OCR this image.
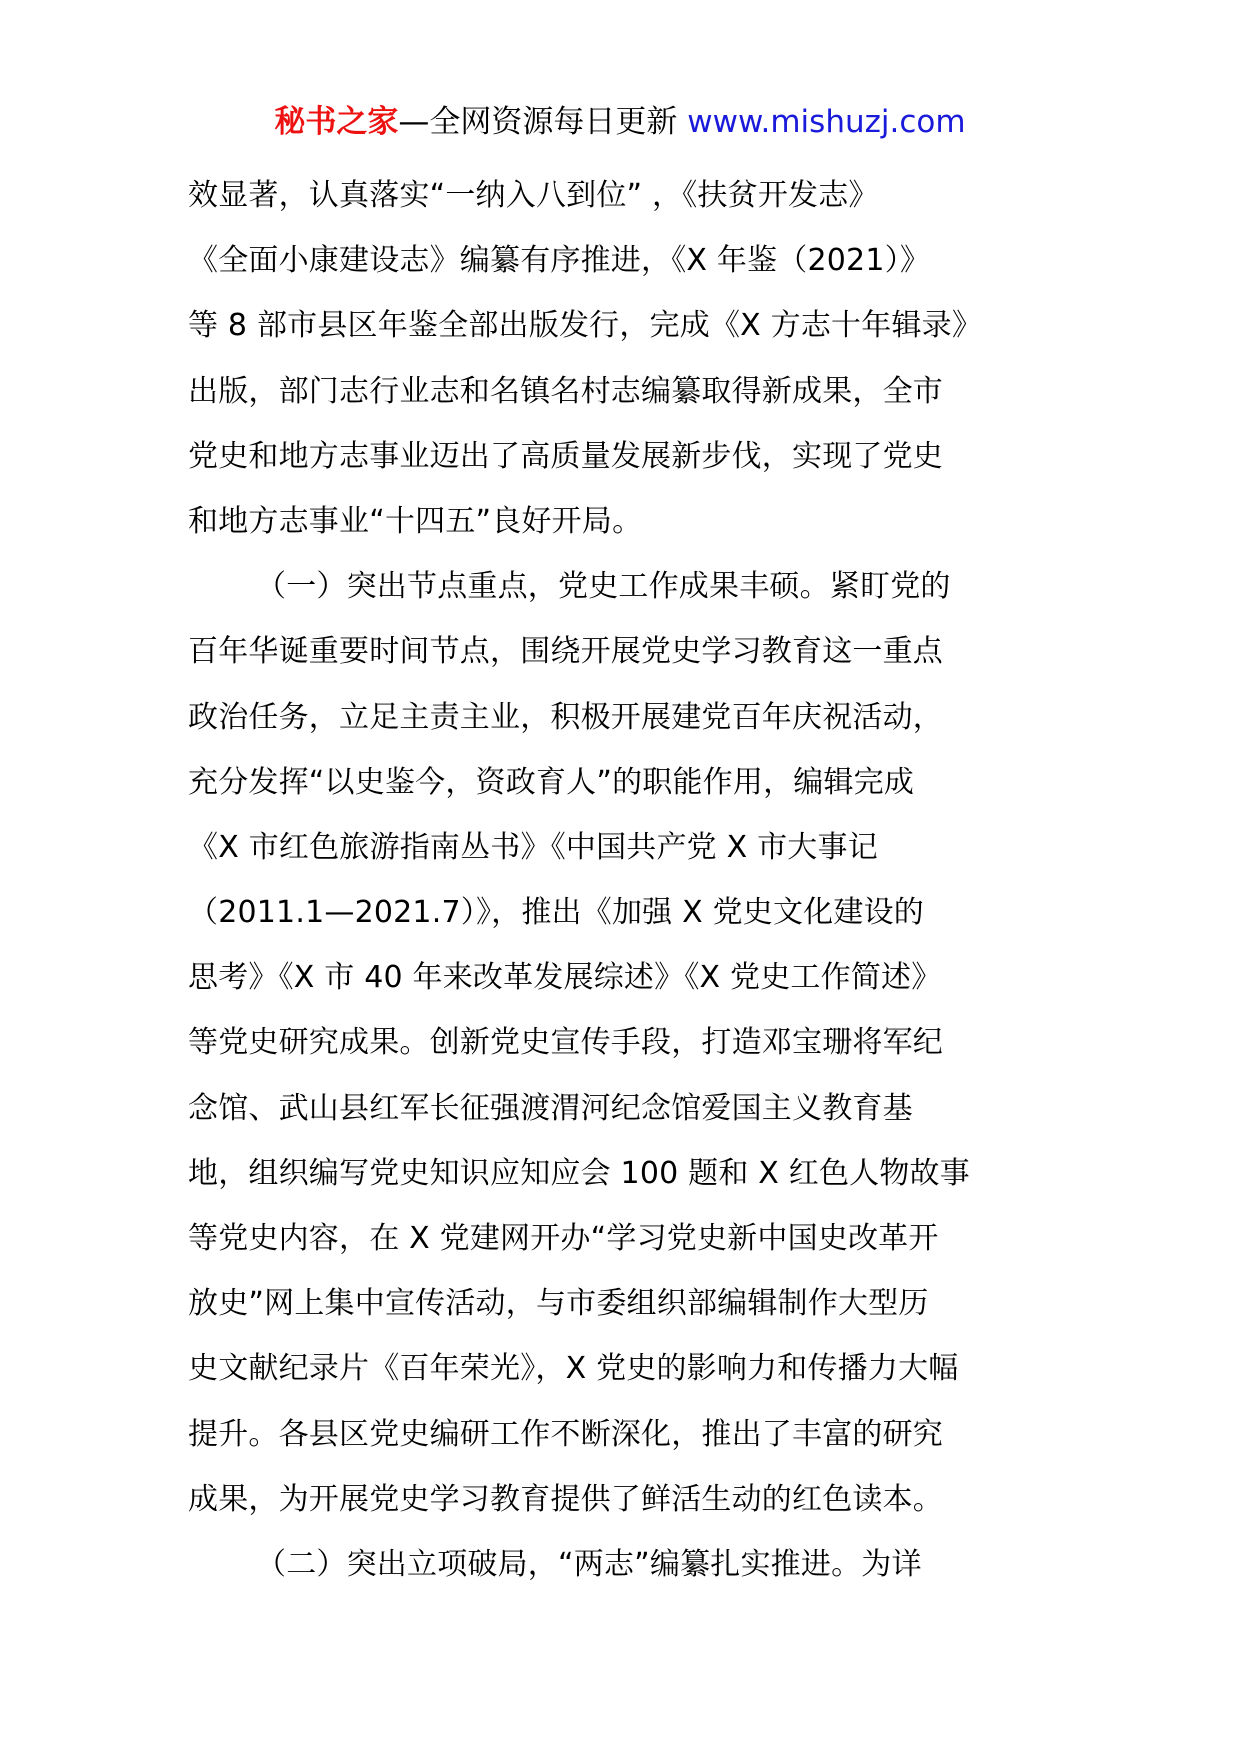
秘书之家—全网资源每日更新 www.mishuzj.com
效显著，认真落实“一纳入八到位” ，《扶贫开发志》
《全面小康建设志》编纂有序推进，《X 年鉴（2021）》
等 8 部市县区年鉴全部出版发行，完成《X 方志十年辑录》
出版，部门志行业志和名镇名村志编纂取得新成果，全市
党史和地方志事业迈出了高质量发展新步伐，实现了党史
和地方志事业“十四五”良好开局。
（一）突出节点重点，党史工作成果丰硕。紧盯党的
百年华诞重要时间节点，围绕开展党史学习教育这一重点
政治任务，立足主责主业，积极开展建党百年庆祝活动，
充分发挥“以史鉴今，资政育人”的职能作用，编辑完成
《X 市红色旅游指南丛书》《中国共产党 X 市大事记
（2011.1—2021.7）》，推出《加强 X 党史文化建设的
思考》《X 市 40 年来改革发展综述》《X 党史工作简述》
等党史研究成果。创新党史宣传手段，打造邓宝珊将军纪
念馆、武山县红军长征强渡渭河纪念馆爱国主义教育基
地，组织编写党史知识应知应会 100 题和 X 红色人物故事
等党史内容，在 X 党建网开办“学习党史新中国史改革开
放史”网上集中宣传活动，与市委组织部编辑制作大型历
史文献纪录片《百年荣光》，X 党史的影响力和传播力大幅
提升。各县区党史编研工作不断深化，推出了丰富的研究
成果，为开展党史学习教育提供了鲜活生动的红色读本。
（二）突出立项破局，“两志”编纂扎实推进。为详
